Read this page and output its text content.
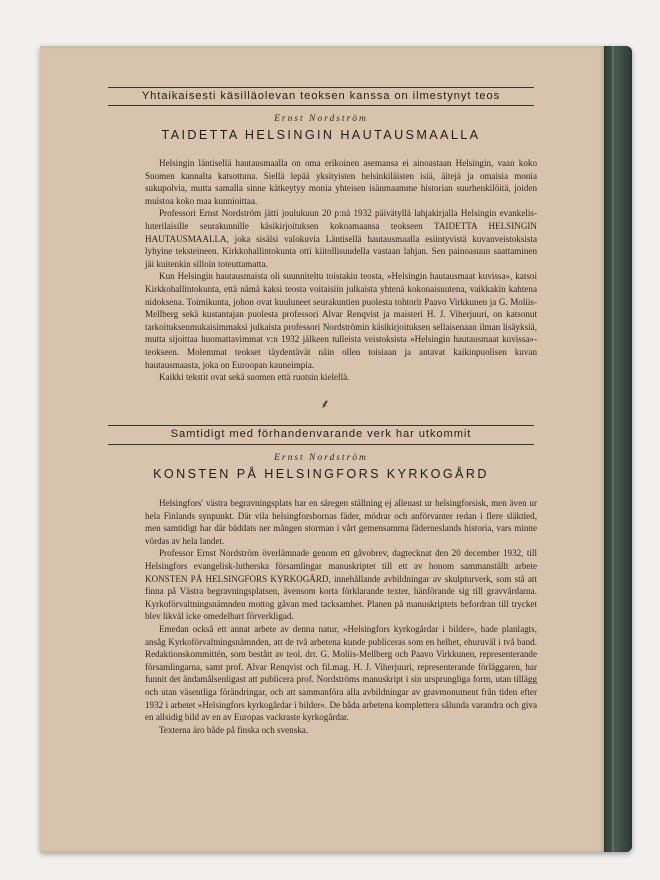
Yhtaikaisesti käsilläolevan teoksen kanssa on ilmestynyt teos
Ernst Nordström
TAIDETTA HELSINGIN HAUTAUSMAALLA

Helsingin läntisellä hautausmaalla on oma erikoinen asemansa ei ainoastaan Helsingin, vaan koko Suomen kannalta katsottuna. Siellä lepää yksityisten helsinkiläisten isiä, äitejä ja omaisia monia sukupolvia, mutta samalla sinne kätkeytyy monia yhteisen isänmaamme historian suurhenkilöitä, joiden muistoa koko maa kunnioittaa.

Professori Ernst Nordström jätti joulukuun 20 p:nä 1932 päivätyllä lahjakirjalla Helsingin evankelis-luterilaisille seurakunnille käsikirjoituksen kokoamaansa teokseen TAIDETTA HELSINGIN HAUTAUSMAALLA, joka sisälsi valokuvia Läntisellä hautausmaalla esiintyvistä kuvanveistoksista lyhyine teksteineen. Kirkkohallintokunta otti kiitollisuudella vastaan lahjan. Sen painoasuun saattaminen jäi kuitenkin silloin toteuttamatta.

Kun Helsingin hautausmaista oli suunniteltu toistakin teosta, »Helsingin hautausmaat kuvissa», katsoi Kirkkohallintokunta, että nämä kaksi teosta voitaisiin julkaista yhtenä kokonaisuutena, vaikkakin kahtena nidoksena. Toimikunta, johon ovat kuuluneet seurakuntien puolesta tohtorit Paavo Virkkunen ja G. Moliis-Mellberg sekä kustantajan puolesta professori Alvar Renqvist ja maisteri H. J. Viherjuuri, on katsonut tarkoituksenmukaisimmaksi julkaista professori Nordströmin käsikirjoituksen sellaisenaan ilman lisäyksiä, mutta sijoittaa huomattavimmat v:n 1932 jälkeen tulleista veistoksista »Helsingin hautausmaat kuvissa»-teokseen. Molemmat teokset täydentävät näin ollen toisiaan ja antavat kaikinpuolisen kuvan hautausmaasta, joka on Euroopan kauneimpia.

Kaikki tekstit ovat sekä suomen että ruotsin kielellä.

⸙
Samtidigt med förhandenvarande verk har utkommit
Ernst Nordström
KONSTEN PÅ HELSINGFORS KYRKOGÅRD

Helsingfors' västra begravningsplats har en säregen ställning ej allenast ur helsingforsisk, men även ur hela Finlands synpunkt. Där vila helsingforsbornas fäder, mödrar och anförvanter redan i flere släktled, men samtidigt har där bäddats ner mången storman i vårt gemensamma fäderneslands historia, vars minne vördas av hela landet.

Professor Ernst Nordström överlämnade genom ett gåvobrev, dagtecknat den 20 december 1932, till Helsingfors evangelisk-lutherska församlingar manuskriptet till ett av honom sammanställt arbete KONSTEN PÅ HELSINGFORS KYRKOGÅRD, innehållande avbildningar av skulpturverk, som stå att finna på Västra begravningsplatsen, ävensom korta förklarande texter, hänförande sig till gravvårdarna. Kyrkoförvaltningsnämnden mottog gåvan med tacksamhet. Planen på manuskriptets befordran till trycket blev likväl icke omedelbart förverkligad.

Emedan också ett annat arbete av denna natur, »Helsingfors kyrkogårdar i bilder», hade planlagts, ansåg Kyrkoförvaltningsnämnden, att de två arbetena kunde publiceras som en helhet, ehuruväl i två band. Redaktionskommittén, som bestått av teol. drr. G. Moliis-Mellberg och Paavo Virkkunen, representerande församlingarna, samt prof. Alvar Renqvist och fil.mag. H. J. Viherjuuri, representerande förläggaren, har funnit det ändamålsenligast att publicera prof. Nordströms manuskript i sin ursprungliga form, utan tillägg och utan väsentliga förändringar, och att sammanföra alla avbildningar av gravmonument från tiden efter 1932 i arbetet »Helsingfors kyrkogårdar i bilder». De båda arbetena komplettera sålunda varandra och giva en allsidig bild av en av Europas vackraste kyrkogårdar.

Texterna äro både på finska och svenska.
